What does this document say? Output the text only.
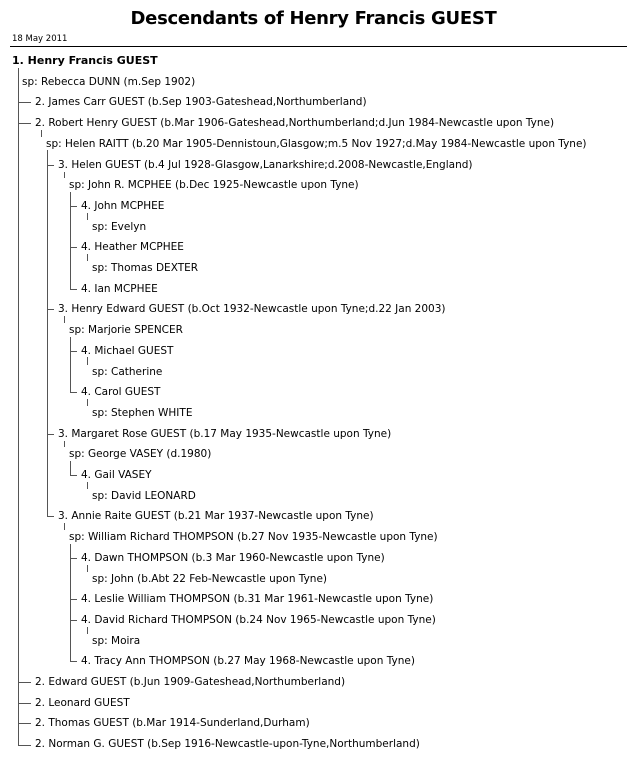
Descendants of Henry Francis GUEST
18 May 2011
1. Henry Francis GUEST
sp: Rebecca DUNN (m.Sep 1902)
2. James Carr GUEST (b.Sep 1903-Gateshead,Northumberland)
2. Robert Henry GUEST (b.Mar 1906-Gateshead,Northumberland;d.Jun 1984-Newcastle upon Tyne)
sp: Helen RAITT (b.20 Mar 1905-Dennistoun,Glasgow;m.5 Nov 1927;d.May 1984-Newcastle upon Tyne)
3. Helen GUEST (b.4 Jul 1928-Glasgow,Lanarkshire;d.2008-Newcastle,England)
sp: John R. MCPHEE (b.Dec 1925-Newcastle upon Tyne)
4. John MCPHEE
sp: Evelyn
4. Heather MCPHEE
sp: Thomas DEXTER
4. Ian MCPHEE
3. Henry Edward GUEST (b.Oct 1932-Newcastle upon Tyne;d.22 Jan 2003)
sp: Marjorie SPENCER
4. Michael GUEST
sp: Catherine
4. Carol GUEST
sp: Stephen WHITE
3. Margaret Rose GUEST (b.17 May 1935-Newcastle upon Tyne)
sp: George VASEY (d.1980)
4. Gail VASEY
sp: David LEONARD
3. Annie Raite GUEST (b.21 Mar 1937-Newcastle upon Tyne)
sp: William Richard THOMPSON (b.27 Nov 1935-Newcastle upon Tyne)
4. Dawn THOMPSON (b.3 Mar 1960-Newcastle upon Tyne)
sp: John (b.Abt 22 Feb-Newcastle upon Tyne)
4. Leslie William THOMPSON (b.31 Mar 1961-Newcastle upon Tyne)
4. David Richard THOMPSON (b.24 Nov 1965-Newcastle upon Tyne)
sp: Moira
4. Tracy Ann THOMPSON (b.27 May 1968-Newcastle upon Tyne)
2. Edward GUEST (b.Jun 1909-Gateshead,Northumberland)
2. Leonard GUEST
2. Thomas GUEST (b.Mar 1914-Sunderland,Durham)
2. Norman G. GUEST (b.Sep 1916-Newcastle-upon-Tyne,Northumberland)
